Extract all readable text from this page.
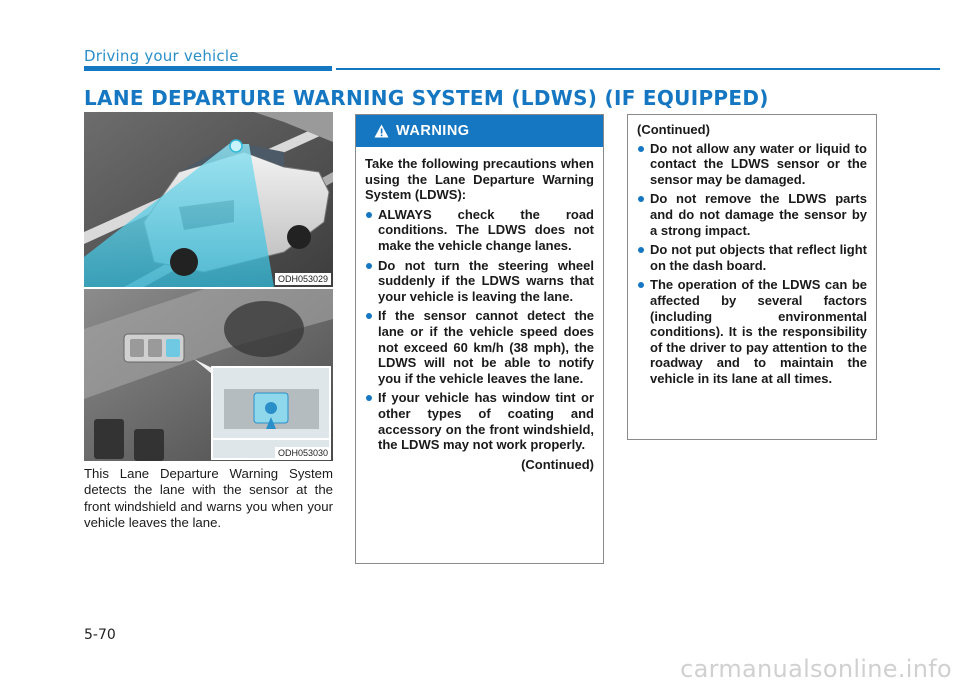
Driving your vehicle
LANE DEPARTURE WARNING SYSTEM (LDWS) (IF EQUIPPED)
ODH053029
ODH053030

This Lane Departure Warning System detects the lane with the sensor at the front windshield and warns you when your vehicle leaves the lane.

WARNING

Take the following precautions when using the Lane Departure Warning System (LDWS):

ALWAYS check the road conditions. The LDWS does not make the vehicle change lanes.
Do not turn the steering wheel suddenly if the LDWS warns that your vehicle is leaving the lane.
If the sensor cannot detect the lane or if the vehicle speed does not exceed 60 km/h (38 mph), the LDWS will not be able to notify you if the vehicle leaves the lane.
If your vehicle has window tint or other types of coating and accessory on the front windshield, the LDWS may not work properly.
(Continued)

(Continued)

Do not allow any water or liquid to contact the LDWS sensor or the sensor may be damaged.
Do not remove the LDWS parts and do not damage the sensor by a strong impact.
Do not put objects that reflect light on the dash board.
The operation of the LDWS can be affected by several factors (including environmental conditions). It is the responsibility of the driver to pay attention to the roadway and to maintain the vehicle in its lane at all times.
5-70
carmanualsonline.info
